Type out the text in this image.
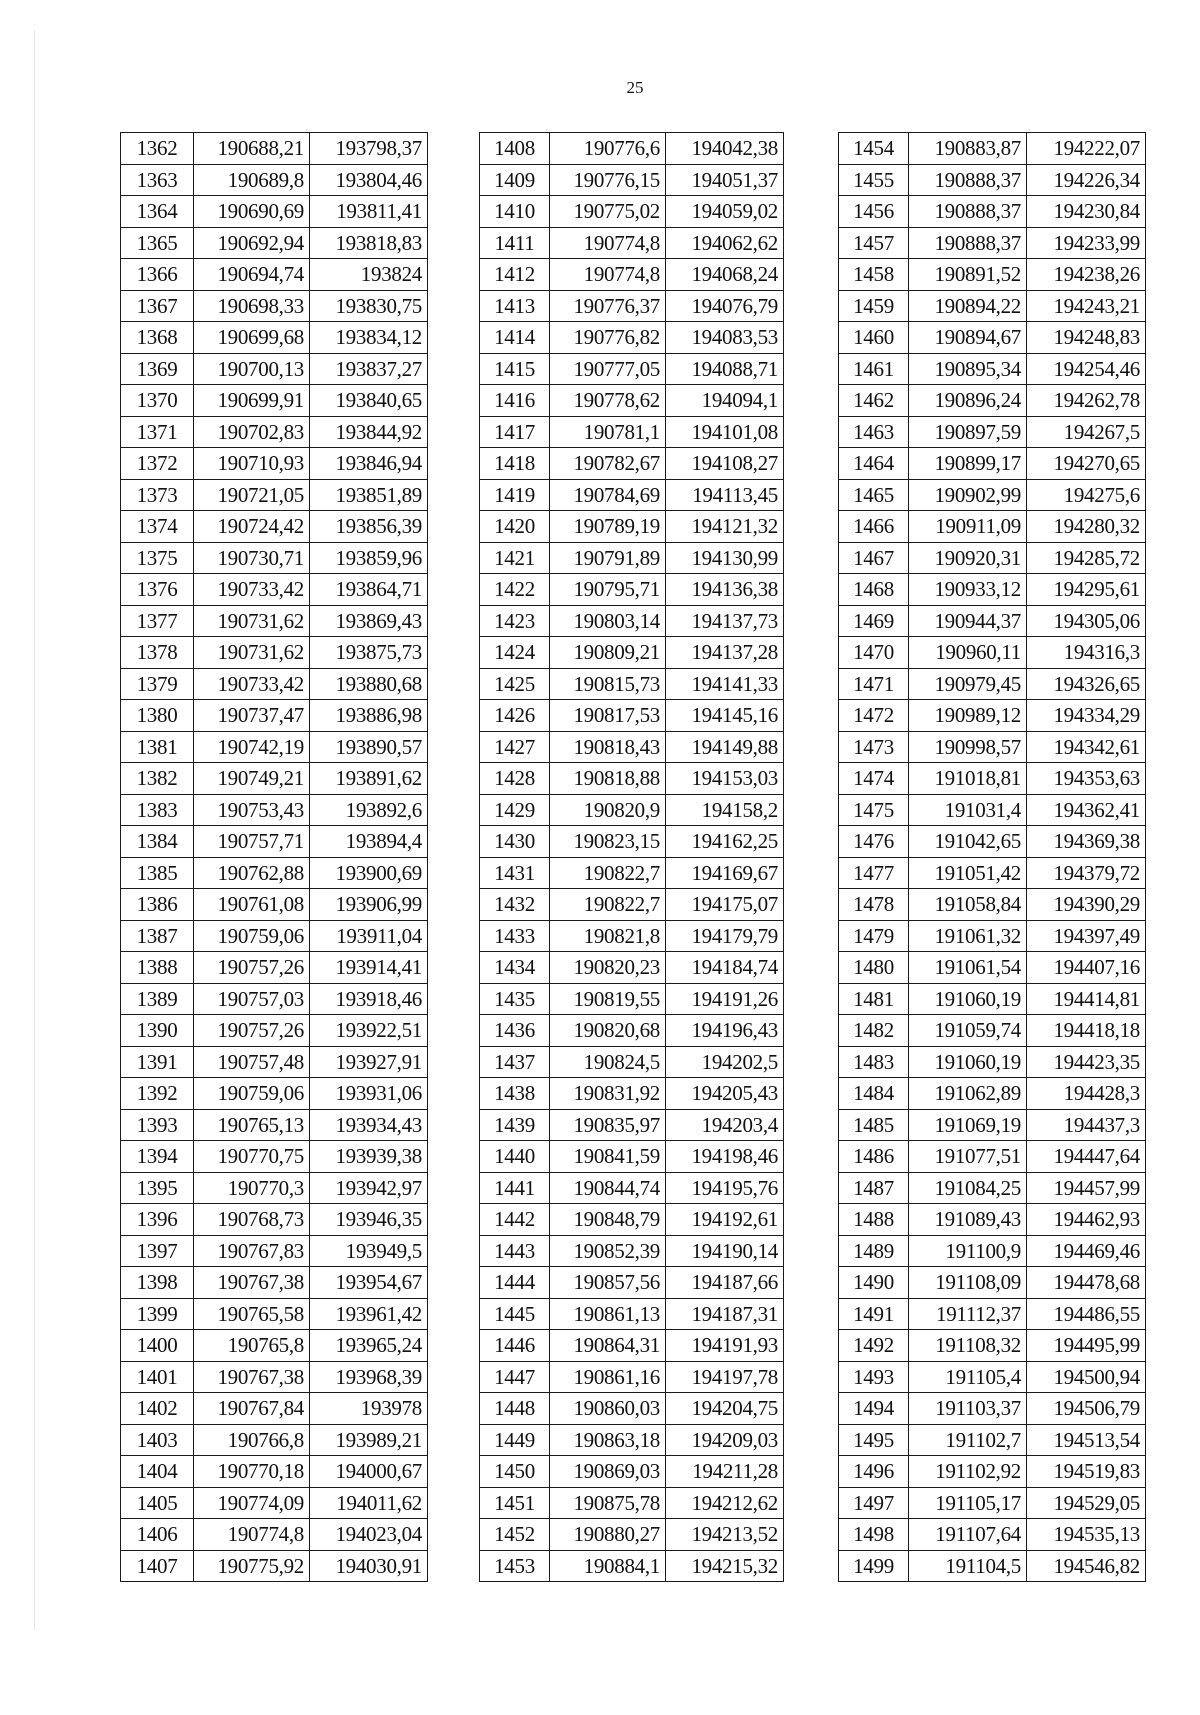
25
1362	190688,21	193798,37
1363	190689,8	193804,46
1364	190690,69	193811,41
1365	190692,94	193818,83
1366	190694,74	193824
1367	190698,33	193830,75
1368	190699,68	193834,12
1369	190700,13	193837,27
1370	190699,91	193840,65
1371	190702,83	193844,92
1372	190710,93	193846,94
1373	190721,05	193851,89
1374	190724,42	193856,39
1375	190730,71	193859,96
1376	190733,42	193864,71
1377	190731,62	193869,43
1378	190731,62	193875,73
1379	190733,42	193880,68
1380	190737,47	193886,98
1381	190742,19	193890,57
1382	190749,21	193891,62
1383	190753,43	193892,6
1384	190757,71	193894,4
1385	190762,88	193900,69
1386	190761,08	193906,99
1387	190759,06	193911,04
1388	190757,26	193914,41
1389	190757,03	193918,46
1390	190757,26	193922,51
1391	190757,48	193927,91
1392	190759,06	193931,06
1393	190765,13	193934,43
1394	190770,75	193939,38
1395	190770,3	193942,97
1396	190768,73	193946,35
1397	190767,83	193949,5
1398	190767,38	193954,67
1399	190765,58	193961,42
1400	190765,8	193965,24
1401	190767,38	193968,39
1402	190767,84	193978
1403	190766,8	193989,21
1404	190770,18	194000,67
1405	190774,09	194011,62
1406	190774,8	194023,04
1407	190775,92	194030,91
1408	190776,6	194042,38
1409	190776,15	194051,37
1410	190775,02	194059,02
1411	190774,8	194062,62
1412	190774,8	194068,24
1413	190776,37	194076,79
1414	190776,82	194083,53
1415	190777,05	194088,71
1416	190778,62	194094,1
1417	190781,1	194101,08
1418	190782,67	194108,27
1419	190784,69	194113,45
1420	190789,19	194121,32
1421	190791,89	194130,99
1422	190795,71	194136,38
1423	190803,14	194137,73
1424	190809,21	194137,28
1425	190815,73	194141,33
1426	190817,53	194145,16
1427	190818,43	194149,88
1428	190818,88	194153,03
1429	190820,9	194158,2
1430	190823,15	194162,25
1431	190822,7	194169,67
1432	190822,7	194175,07
1433	190821,8	194179,79
1434	190820,23	194184,74
1435	190819,55	194191,26
1436	190820,68	194196,43
1437	190824,5	194202,5
1438	190831,92	194205,43
1439	190835,97	194203,4
1440	190841,59	194198,46
1441	190844,74	194195,76
1442	190848,79	194192,61
1443	190852,39	194190,14
1444	190857,56	194187,66
1445	190861,13	194187,31
1446	190864,31	194191,93
1447	190861,16	194197,78
1448	190860,03	194204,75
1449	190863,18	194209,03
1450	190869,03	194211,28
1451	190875,78	194212,62
1452	190880,27	194213,52
1453	190884,1	194215,32
1454	190883,87	194222,07
1455	190888,37	194226,34
1456	190888,37	194230,84
1457	190888,37	194233,99
1458	190891,52	194238,26
1459	190894,22	194243,21
1460	190894,67	194248,83
1461	190895,34	194254,46
1462	190896,24	194262,78
1463	190897,59	194267,5
1464	190899,17	194270,65
1465	190902,99	194275,6
1466	190911,09	194280,32
1467	190920,31	194285,72
1468	190933,12	194295,61
1469	190944,37	194305,06
1470	190960,11	194316,3
1471	190979,45	194326,65
1472	190989,12	194334,29
1473	190998,57	194342,61
1474	191018,81	194353,63
1475	191031,4	194362,41
1476	191042,65	194369,38
1477	191051,42	194379,72
1478	191058,84	194390,29
1479	191061,32	194397,49
1480	191061,54	194407,16
1481	191060,19	194414,81
1482	191059,74	194418,18
1483	191060,19	194423,35
1484	191062,89	194428,3
1485	191069,19	194437,3
1486	191077,51	194447,64
1487	191084,25	194457,99
1488	191089,43	194462,93
1489	191100,9	194469,46
1490	191108,09	194478,68
1491	191112,37	194486,55
1492	191108,32	194495,99
1493	191105,4	194500,94
1494	191103,37	194506,79
1495	191102,7	194513,54
1496	191102,92	194519,83
1497	191105,17	194529,05
1498	191107,64	194535,13
1499	191104,5	194546,82
